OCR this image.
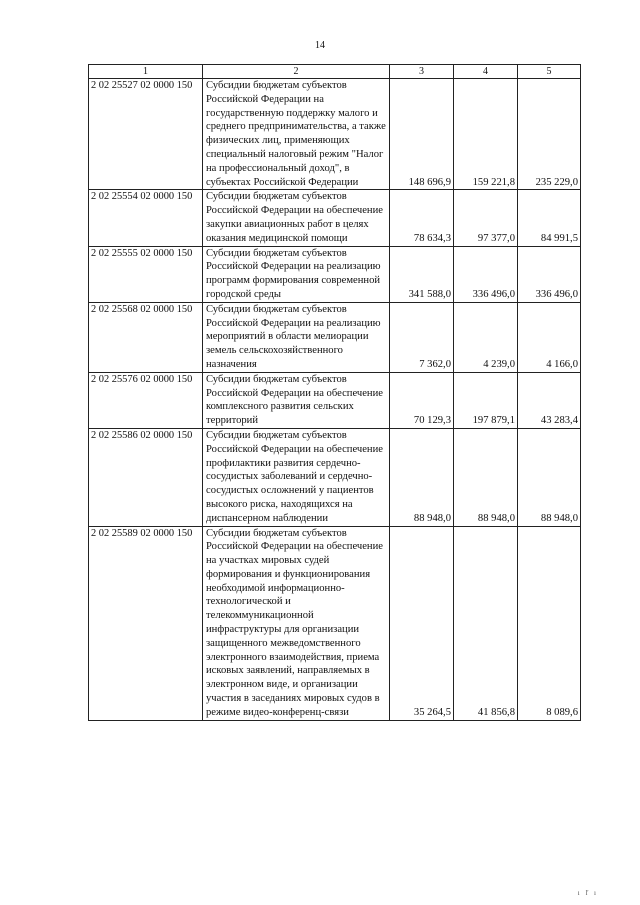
14
1	2	3	4	5
2 02 25527 02 0000 150	Субсидии бюджетам субъектов Российской Федерации на государственную поддержку малого и среднего предпринимательства, а также физических лиц, применяющих специальный налоговый режим "Налог на профессиональный доход", в субъектах Российской Федерации	148 696,9	159 221,8	235 229,0
2 02 25554 02 0000 150	Субсидии бюджетам субъектов Российской Федерации на обеспечение закупки авиационных работ в целях оказания медицинской помощи	78 634,3	97 377,0	84 991,5
2 02 25555 02 0000 150	Субсидии бюджетам субъектов Российской Федерации на реализацию программ формирования современной городской среды	341 588,0	336 496,0	336 496,0
2 02 25568 02 0000 150	Субсидии бюджетам субъектов Российской Федерации на реализацию мероприятий в области мелиорации земель сельскохозяйственного назначения	7 362,0	4 239,0	4 166,0
2 02 25576 02 0000 150	Субсидии бюджетам субъектов Российской Федерации на обеспечение комплексного развития сельских территорий	70 129,3	197 879,1	43 283,4
2 02 25586 02 0000 150	Субсидии бюджетам субъектов Российской Федерации на обеспечение профилактики развития сердечно-сосудистых заболеваний и сердечно-сосудистых осложнений у пациентов высокого риска, находящихся на диспансерном наблюдении	88 948,0	88 948,0	88 948,0
2 02 25589 02 0000 150	Субсидии бюджетам субъектов Российской Федерации на обеспечение на участках мировых судей формирования и функционирования необходимой информационно-технологической и телекоммуникационной инфраструктуры для организации защищенного межведомственного электронного взаимодействия, приема исковых заявлений, направляемых в электронном виде, и организации участия в заседаниях мировых судов в режиме видео-конференц-связи	35 264,5	41 856,8	8 089,6
ı ľ ı
